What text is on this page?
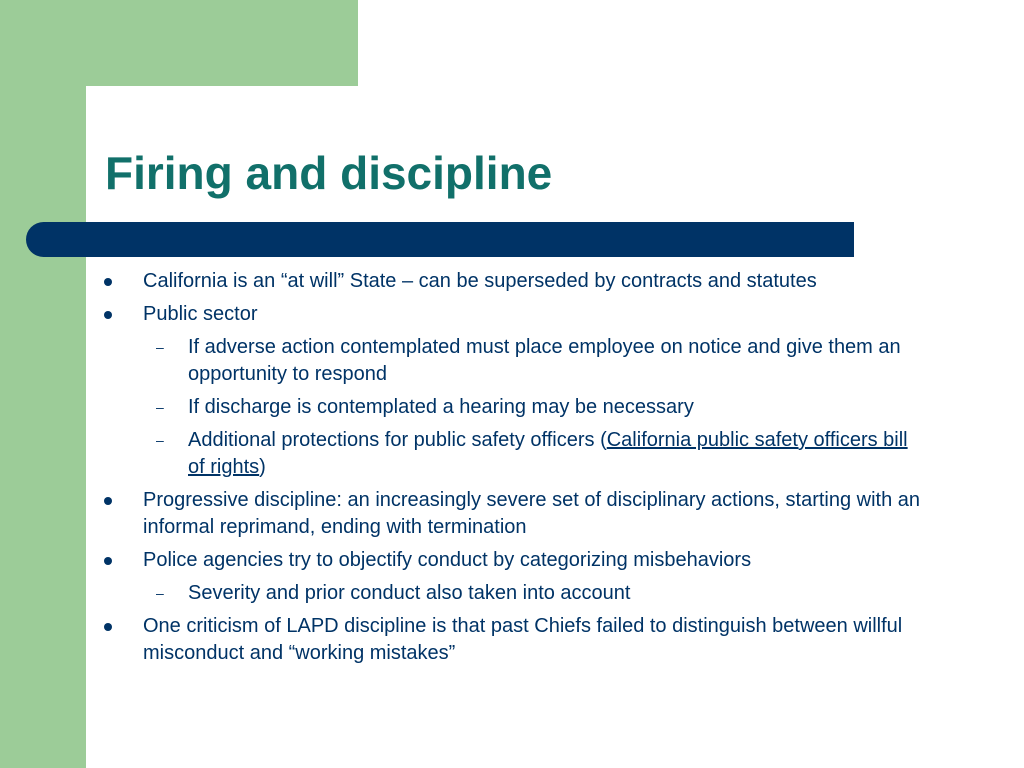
Firing and discipline
California is an “at will” State – can be superseded by contracts and statutes
Public sector
– If adverse action contemplated must place employee on notice and give them an opportunity to respond
– If discharge is contemplated a hearing may be necessary
– Additional protections for public safety officers (California public safety officers bill of rights)
Progressive discipline: an increasingly severe set of disciplinary actions, starting with an informal reprimand, ending with termination
Police agencies try to objectify conduct by categorizing misbehaviors
– Severity and prior conduct also taken into account
One criticism of LAPD discipline is that past Chiefs failed to distinguish between willful misconduct and “working mistakes”
